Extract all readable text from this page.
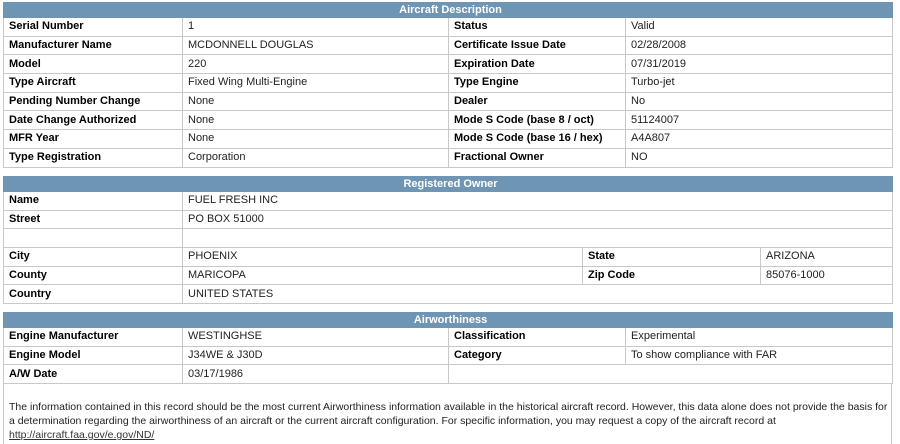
Aircraft Description			
Serial Number	1	Status	Valid
Manufacturer Name	MCDONNELL DOUGLAS	Certificate Issue Date	02/28/2008
Model	220	Expiration Date	07/31/2019
Type Aircraft	Fixed Wing Multi-Engine	Type Engine	Turbo-jet
Pending Number Change	None	Dealer	No
Date Change Authorized	None	Mode S Code (base 8 / oct)	51124007
MFR Year	None	Mode S Code (base 16 / hex)	A4A807
Type Registration	Corporation	Fractional Owner	NO
Registered Owner			
Name	FUEL FRESH INC		
Street	PO BOX 51000		

City	PHOENIX	State	ARIZONA
County	MARICOPA	Zip Code	85076-1000
Country	UNITED STATES		
Airworthiness			
Engine Manufacturer	WESTINGHSE	Classification	Experimental
Engine Model	J34WE & J30D	Category	To show compliance with FAR
A/W Date	03/17/1986		
The information contained in this record should be the most current Airworthiness information available in the historical aircraft record. However, this data alone does not provide the basis for a determination regarding the airworthiness of an aircraft or the current aircraft configuration. For specific information, you may request a copy of the aircraft record at http://aircraft.faa.gov/e.gov/ND/
